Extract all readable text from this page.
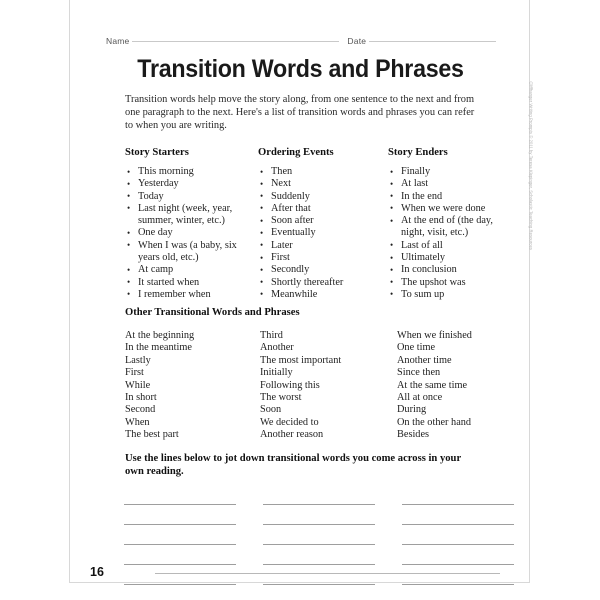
Name	Date
Transition Words and Phrases
Transition words help move the story along, from one sentence to the next and from one paragraph to the next. Here's a list of transition words and phrases you can refer to when you are writing.
Story Starters
• This morning
• Yesterday
• Today
• Last night (week, year, summer, winter, etc.)
• One day
• When I was (a baby, six years old, etc.)
• At camp
• It started when
• I remember when
Ordering Events
• Then
• Next
• Suddenly
• After that
• Soon after
• Eventually
• Later
• First
• Secondly
• Shortly thereafter
• Meanwhile
Story Enders
• Finally
• At last
• In the end
• When we were done
• At the end of (the day, night, visit, etc.)
• Last of all
• Ultimately
• In conclusion
• The upshot was
• To sum up
Other Transitional Words and Phrases
At the beginning
In the meantime
Lastly
First
While
In short
Second
When
The best part
Third
Another
The most important
Initially
Following this
The worst
Soon
We decided to
Another reason
When we finished
One time
Another time
Since then
At the same time
All at once
During
On the other hand
Besides
Use the lines below to jot down transitional words you come across in your own reading.
16
Cliffhanger Writing Prompts © 2011 by Teresa Klepinger, Scholastic Teaching Resources
